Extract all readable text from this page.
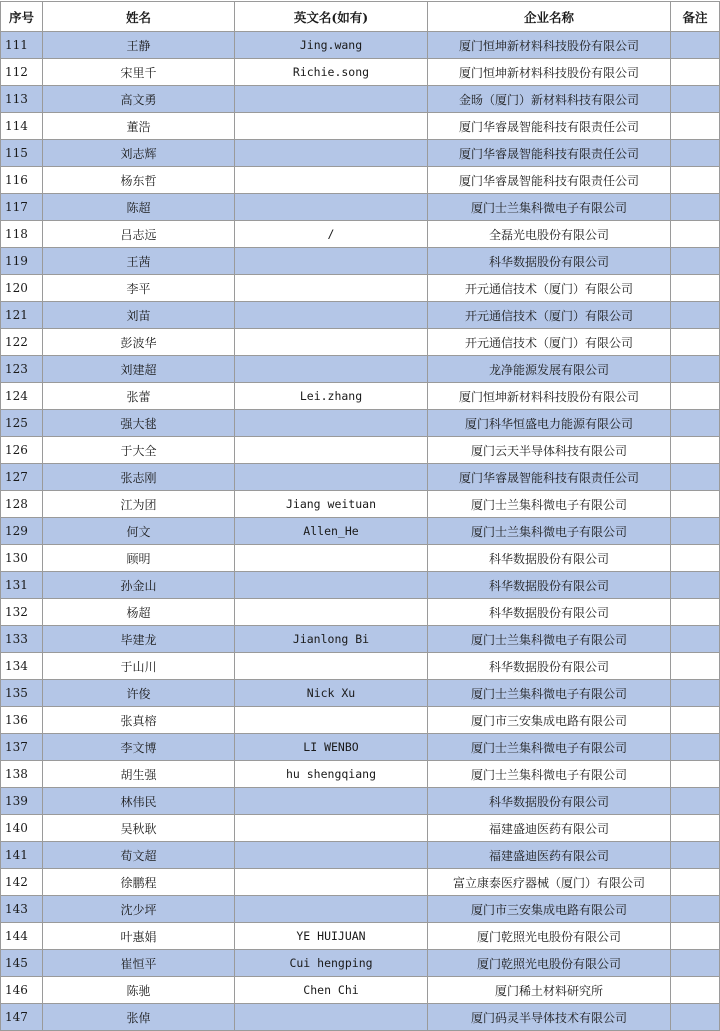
序号	姓名	英文名(如有)	企业名称	备注
111	王静	Jing.wang	厦门恒坤新材料科技股份有限公司	
112	宋里千	Richie.song	厦门恒坤新材料科技股份有限公司	
113	高文勇		金旸（厦门）新材料科技有限公司	
114	董浩		厦门华睿晟智能科技有限责任公司	
115	刘志辉		厦门华睿晟智能科技有限责任公司	
116	杨东哲		厦门华睿晟智能科技有限责任公司	
117	陈超		厦门士兰集科微电子有限公司	
118	吕志远	/	全磊光电股份有限公司	
119	王茜		科华数据股份有限公司	
120	李平		开元通信技术（厦门）有限公司	
121	刘苗		开元通信技术（厦门）有限公司	
122	彭波华		开元通信技术（厦门）有限公司	
123	刘建超		龙净能源发展有限公司	
124	张蕾	Lei.zhang	厦门恒坤新材料科技股份有限公司	
125	强大毬		厦门科华恒盛电力能源有限公司	
126	于大全		厦门云天半导体科技有限公司	
127	张志刚		厦门华睿晟智能科技有限责任公司	
128	江为团	Jiang weituan	厦门士兰集科微电子有限公司	
129	何文	Allen_He	厦门士兰集科微电子有限公司	
130	顾明		科华数据股份有限公司	
131	孙金山		科华数据股份有限公司	
132	杨超		科华数据股份有限公司	
133	毕建龙	Jianlong Bi	厦门士兰集科微电子有限公司	
134	于山川		科华数据股份有限公司	
135	许俊	Nick Xu	厦门士兰集科微电子有限公司	
136	张真榕		厦门市三安集成电路有限公司	
137	李文博	LI WENBO	厦门士兰集科微电子有限公司	
138	胡生强	hu shengqiang	厦门士兰集科微电子有限公司	
139	林伟民		科华数据股份有限公司	
140	吴秋耿		福建盛迪医药有限公司	
141	荀文超		福建盛迪医药有限公司	
142	徐鹏程		富立康泰医疗器械（厦门）有限公司	
143	沈少坪		厦门市三安集成电路有限公司	
144	叶惠娟	YE HUIJUAN	厦门乾照光电股份有限公司	
145	崔恒平	Cui hengping	厦门乾照光电股份有限公司	
146	陈驰	Chen Chi	厦门稀土材料研究所	
147	张倬		厦门码灵半导体技术有限公司	
